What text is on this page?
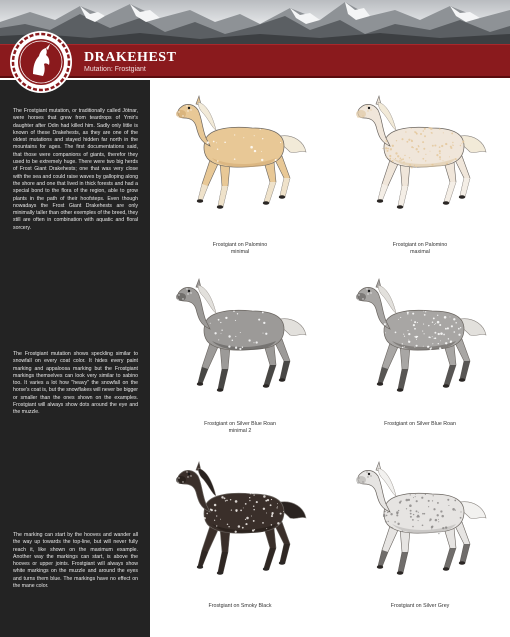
DRAKEHEST
Mutation: Frostgiant

The Frostgiant mutation, or traditionally called Jötnar, were horses that grew from teardrops of Ymir's daughter after Odin had killed him. Sadly only little is known of these Drakehests, as they are one of the oldest mutations and stayed hidden far north in the mountains for ages. The first documentations said, that those were companions of giants, therefor they used to be extremely huge. There were two big herds of Frost Giant Drakehests; one that was very close with the sea and could raise waves by galloping along the shore and one that lived in thick forests and had a special bond to the flora of the region, able to grow plants in the path of their hoofsteps. Even though nowadays the Frost Giant Drakehests are only minimally taller than other exemples of the breed, they still are often in combination with aquatic and floral sorcery.

The Frostgiant mutation shows speckling similar to snowfall on every coat color. It hides every paint marking and appaloosa marking but the Frostgiant markings themselves can look very similar to sabino too. It varies a lot how "heavy" the snowfall on the horse's coat is, but the snowflakes will never be bigger or smaller than the ones shown on the examples. Frostgiant will always show dots around the eye and the muzzle.

The marking can start by the hooves and wander all the way up towards the top-line, but will never fully reach it, like shown on the maximum example. Another way the markings can start, is above the hooves or upper joints. Frostgiant will always show white markings on the muzzle and around the eyes and turns them blue. The markings have no effect on the mane color.

Frostgiant on Palomino
minimal
Frostgiant on Palomino
maximal
Frostgiant on Silver Blue Roan
minimal 2
Frostgiant on Silver Blue Roan
Frostgiant on Smoky Black	Frostgiant on Silver Grey
